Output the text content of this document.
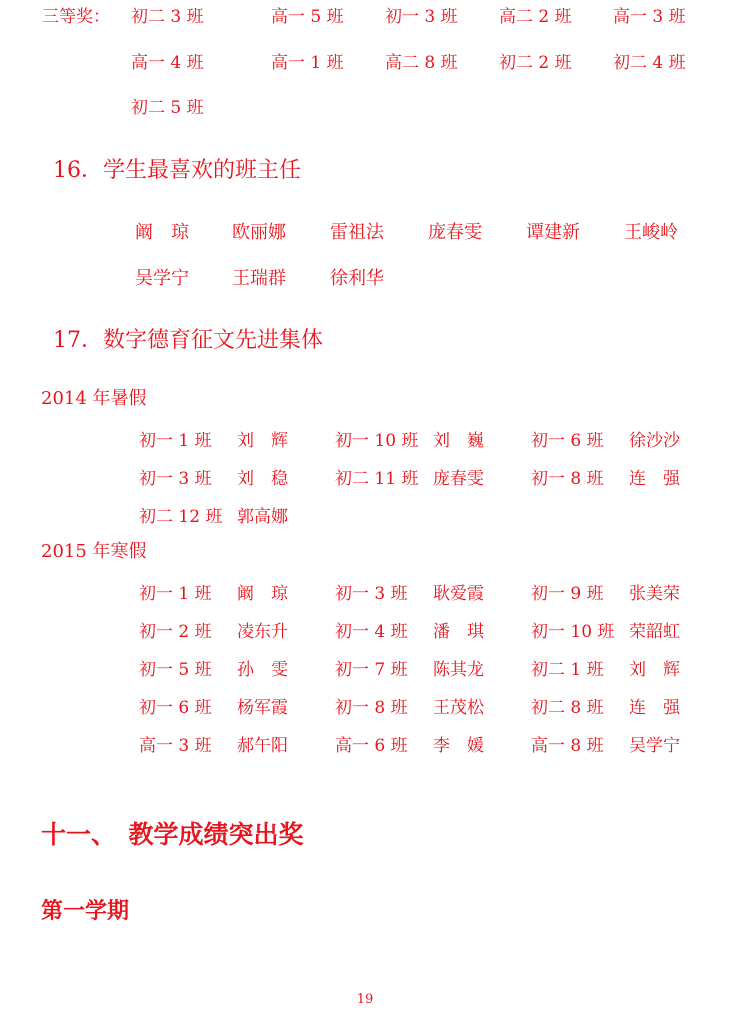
三等奖： 初二 3 班	高一 5 班 初一 3 班 高二 2 班 高一 3 班
高一 4 班	高一 1 班 高二 8 班 初二 2 班 初二 4 班
初二 5 班
16．学生最喜欢的班主任
阚　琼 欧丽娜 雷祖法 庞春雯 谭建新 王峻岭
吴学宁 王瑞群 徐利华
17．数字德育征文先进集体
2014 年暑假
初一 1 班 刘　辉	初一 10 班 刘　巍	初一 6 班 徐沙沙
初一 3 班 刘　稳	初二 11 班 庞春雯	初一 8 班 连　强
初二 12 班 郭高娜
2015 年寒假
初一 1 班 阚　琼	初一 3 班 耿爱霞	初一 9 班 张美荣
初一 2 班 凌东升	初一 4 班 潘　琪	初一 10 班 荣韶虹
初一 5 班 孙　雯	初一 7 班 陈其龙	初二 1 班 刘　辉
初一 6 班 杨军霞	初一 8 班 王茂松	初二 8 班 连　强
高一 3 班 郝午阳	高一 6 班 李　媛	高一 8 班 吴学宁
十一、　教学成绩突出奖
第一学期
19
